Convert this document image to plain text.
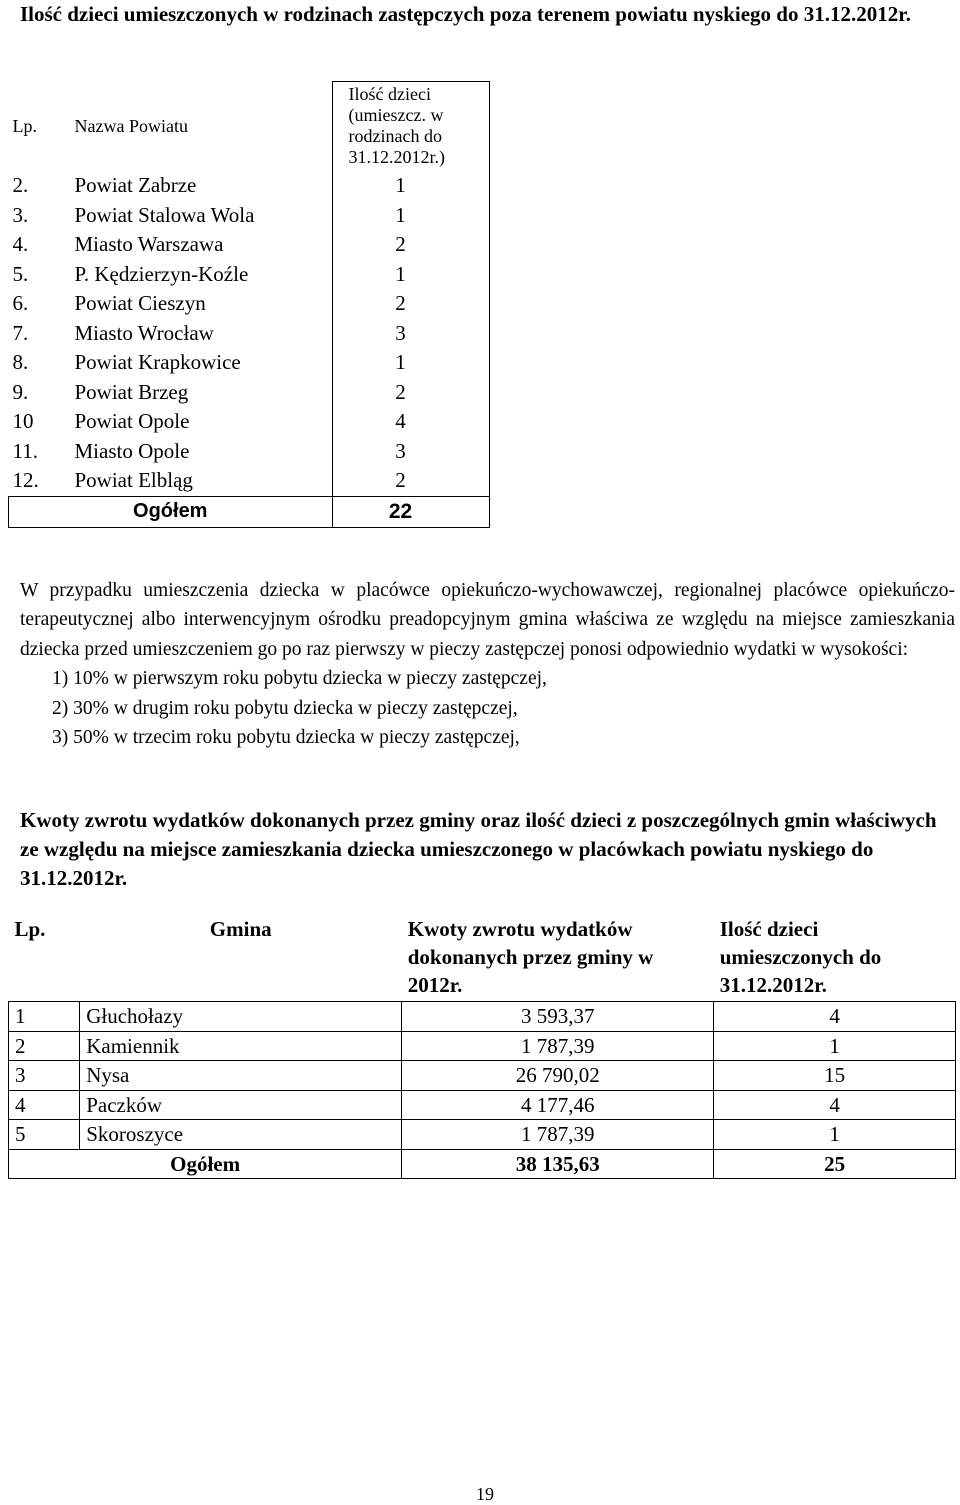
Ilość dzieci umieszczonych w rodzinach zastępczych poza terenem powiatu nyskiego do 31.12.2012r.
Lp.	Nazwa Powiatu	Ilość dzieci (umieszcz. w rodzinach do 31.12.2012r.)
2.	Powiat Zabrze	1
3.	Powiat Stalowa Wola	1
4.	Miasto Warszawa	2
5.	P. Kędzierzyn-Koźle	1
6.	Powiat Cieszyn	2
7.	Miasto Wrocław	3
8.	Powiat Krapkowice	1
9.	Powiat Brzeg	2
10	Powiat Opole	4
11.	Miasto Opole	3
12.	Powiat Elbląg	2
Ogółem		22
W przypadku umieszczenia dziecka w placówce opiekuńczo-wychowawczej, regionalnej placówce opiekuńczo-terapeutycznej albo interwencyjnym ośrodku preadopcyjnym gmina właściwa ze względu na miejsce zamieszkania dziecka przed umieszczeniem go po raz pierwszy w pieczy zastępczej ponosi odpowiednio wydatki w wysokości:
1) 10% w pierwszym roku pobytu dziecka w pieczy zastępczej,
2) 30% w drugim roku pobytu dziecka w pieczy zastępczej,
3) 50% w trzecim roku pobytu dziecka w pieczy zastępczej,
Kwoty zwrotu wydatków dokonanych przez gminy oraz ilość dzieci z poszczególnych gmin właściwych ze względu na miejsce zamieszkania dziecka umieszczonego w placówkach powiatu nyskiego do 31.12.2012r.
Lp.	Gmina	Kwoty zwrotu wydatków dokonanych przez gminy w 2012r.	Ilość dzieci umieszczonych do 31.12.2012r.
1	Głuchołazy	3 593,37	4
2	Kamiennik	1 787,39	1
3	Nysa	26 790,02	15
4	Paczków	4 177,46	4
5	Skoroszyce	1 787,39	1
Ogółem		38 135,63	25
19
